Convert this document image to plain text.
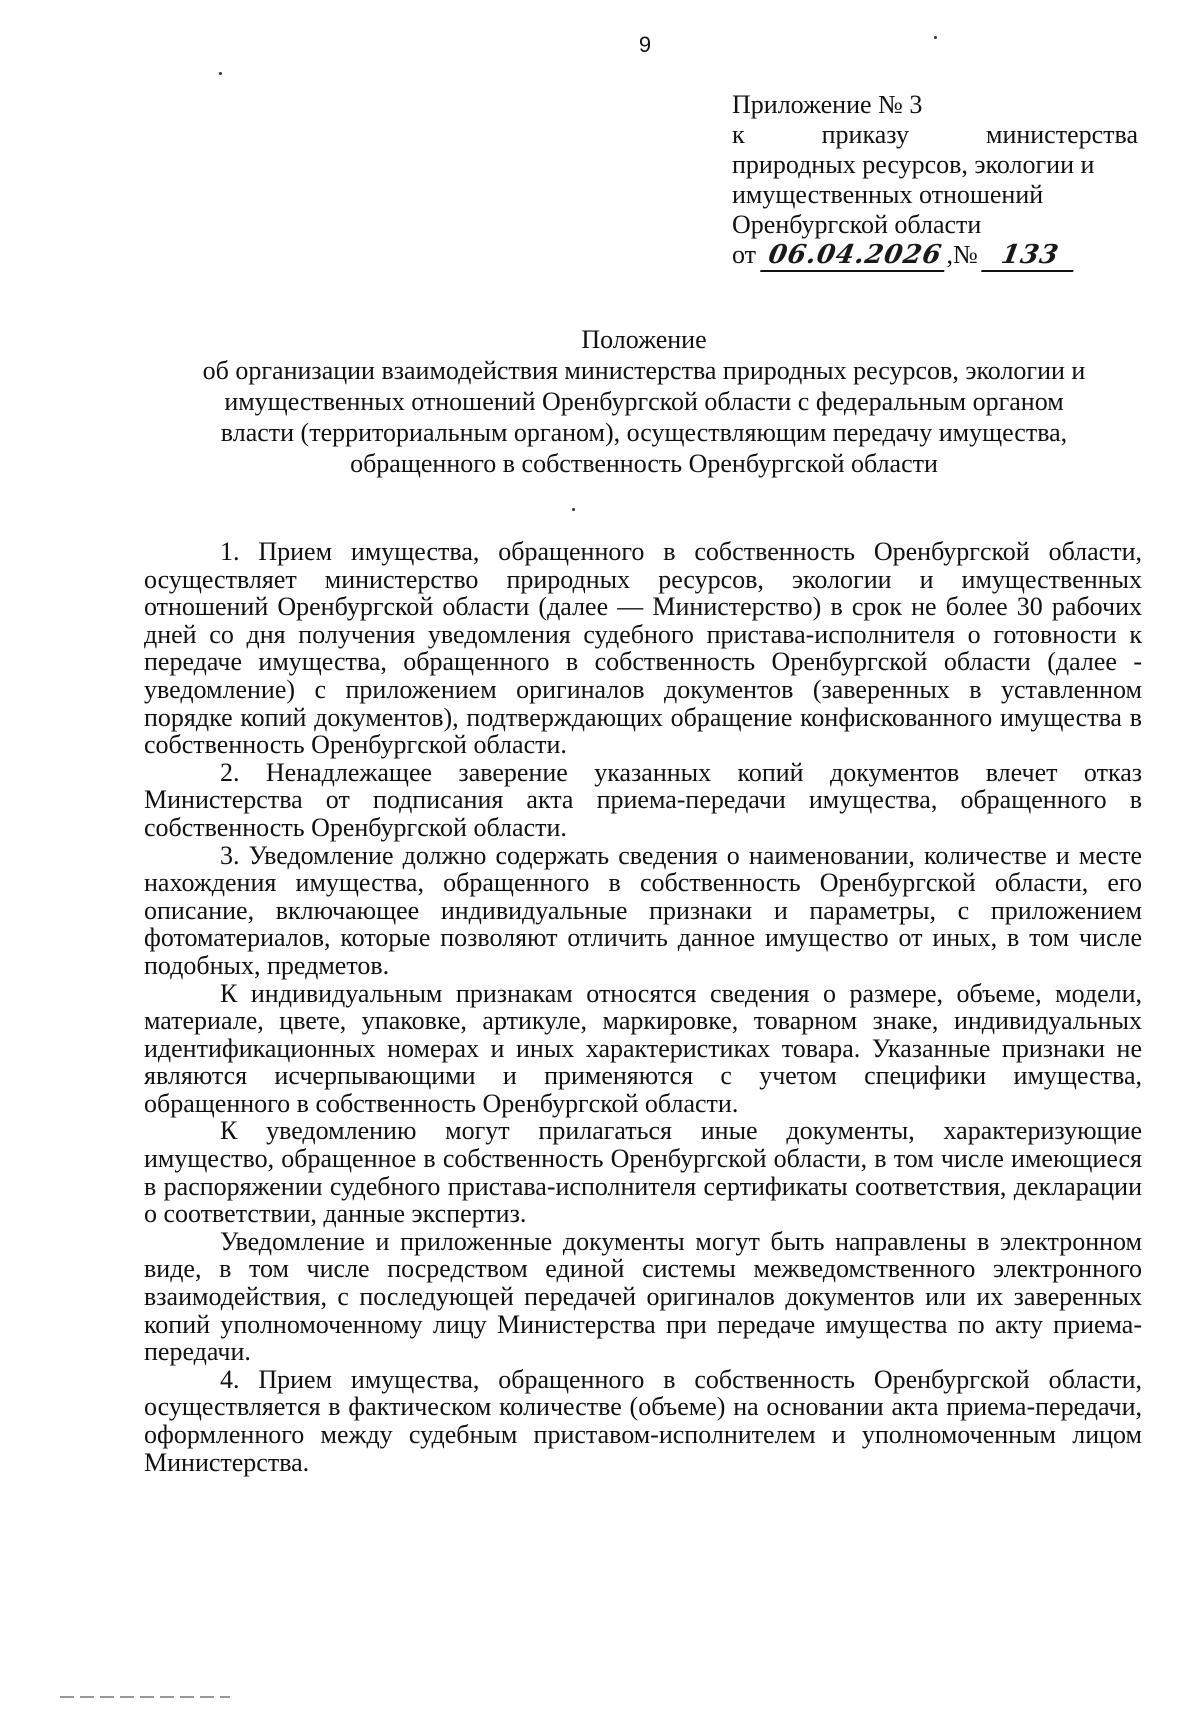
9
Приложение № 3
к	приказу	министерства
природных ресурсов, экологии и
имущественных отношений
Оренбургской области
от 06.04.2026 ,№ 133
Положение
об организации взаимодействия министерства природных ресурсов, экологии и
имущественных отношений Оренбургской области с федеральным органом
власти (территориальным органом), осуществляющим передачу имущества,
обращенного в собственность Оренбургской области

1. Прием имущества, обращенного в собственность Оренбургской области, осуществляет министерство природных ресурсов, экологии и имущественных отношений Оренбургской области (далее — Министерство) в срок не более 30 рабочих дней со дня получения уведомления судебного пристава-исполнителя о готовности к передаче имущества, обращенного в собственность Оренбургской области (далее - уведомление) с приложением оригиналов документов (заверенных в уставленном порядке копий документов), подтверждающих обращение конфискованного имущества в собственность Оренбургской области.

2. Ненадлежащее заверение указанных копий документов влечет отказ Министерства от подписания акта приема-передачи имущества, обращенного в собственность Оренбургской области.

3. Уведомление должно содержать сведения о наименовании, количестве и месте нахождения имущества, обращенного в собственность Оренбургской области, его описание, включающее индивидуальные признаки и параметры, с приложением фотоматериалов, которые позволяют отличить данное имущество от иных, в том числе подобных, предметов.

К индивидуальным признакам относятся сведения о размере, объеме, модели, материале, цвете, упаковке, артикуле, маркировке, товарном знаке, индивидуальных идентификационных номерах и иных характеристиках товара. Указанные признаки не являются исчерпывающими и применяются с учетом специфики имущества, обращенного в собственность Оренбургской области.

К уведомлению могут прилагаться иные документы, характеризующие имущество, обращенное в собственность Оренбургской области, в том числе имеющиеся в распоряжении судебного пристава-исполнителя сертификаты соответствия, декларации о соответствии, данные экспертиз.

Уведомление и приложенные документы могут быть направлены в электронном виде, в том числе посредством единой системы межведомственного электронного взаимодействия, с последующей передачей оригиналов документов или их заверенных копий уполномоченному лицу Министерства при передаче имущества по акту приема-передачи.

4. Прием имущества, обращенного в собственность Оренбургской области, осуществляется в фактическом количестве (объеме) на основании акта приема-передачи, оформленного между судебным приставом-исполнителем и уполномоченным лицом Министерства.
